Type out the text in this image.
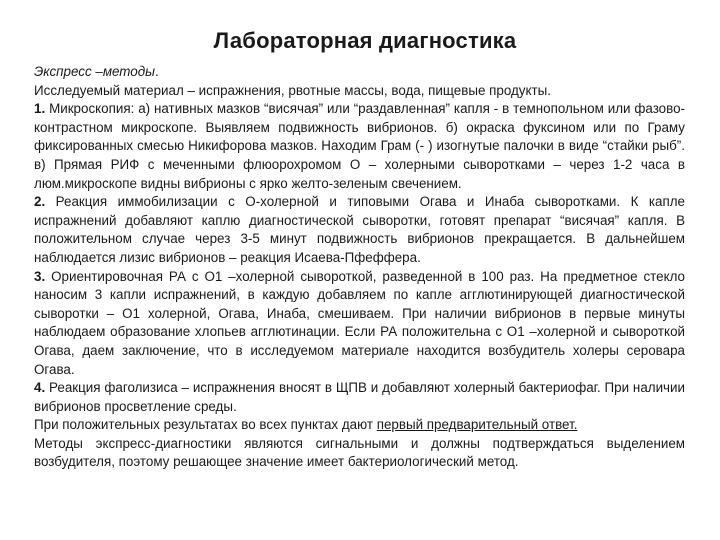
Лабораторная диагностика

Экспресс –методы.

Исследуемый материал – испражнения, рвотные массы, вода, пищевые продукты.

1. Микроскопия: а) нативных мазков “висячая” или “раздавленная” капля - в темнопольном или фазово-контрастном микроскопе. Выявляем подвижность вибрионов. б) окраска фуксином или по Граму фиксированных смесью Никифорова мазков. Находим Грам (- ) изогнутые палочки в виде “стайки рыб”. в) Прямая РИФ с меченными флюорохромом О – холерными сыворотками – через 1-2 часа в люм.микроскопе видны вибрионы с ярко желто-зеленым свечением.

2. Реакция иммобилизации с О-холерной и типовыми Огава и Инаба сыворотками. К капле испражнений добавляют каплю диагностической сыворотки, готовят препарат “висячая” капля. В положительном случае через 3-5 минут подвижность вибрионов прекращается. В дальнейшем наблюдается лизис вибрионов – реакция Исаева-Пфеффера.

3. Ориентировочная РА с О1 –холерной сывороткой, разведенной в 100 раз. На предметное стекло наносим 3 капли испражнений, в каждую добавляем по капле агглютинирующей диагностической сыворотки – О1 холерной, Огава, Инаба, смешиваем. При наличии вибрионов в первые минуты наблюдаем образование хлопьев агглютинации. Если РА положительна с О1 –холерной и сывороткой Огава, даем заключение, что в исследуемом материале находится возбудитель холеры серовара Огава.

4. Реакция фаголизиса – испражнения вносят в ЩПВ и добавляют холерный бактериофаг. При наличии вибрионов просветление среды.

При положительных результатах во всех пунктах дают первый предварительный ответ.

Методы экспресс-диагностики являются сигнальными и должны подтверждаться выделением возбудителя, поэтому решающее значение имеет бактериологический метод.
